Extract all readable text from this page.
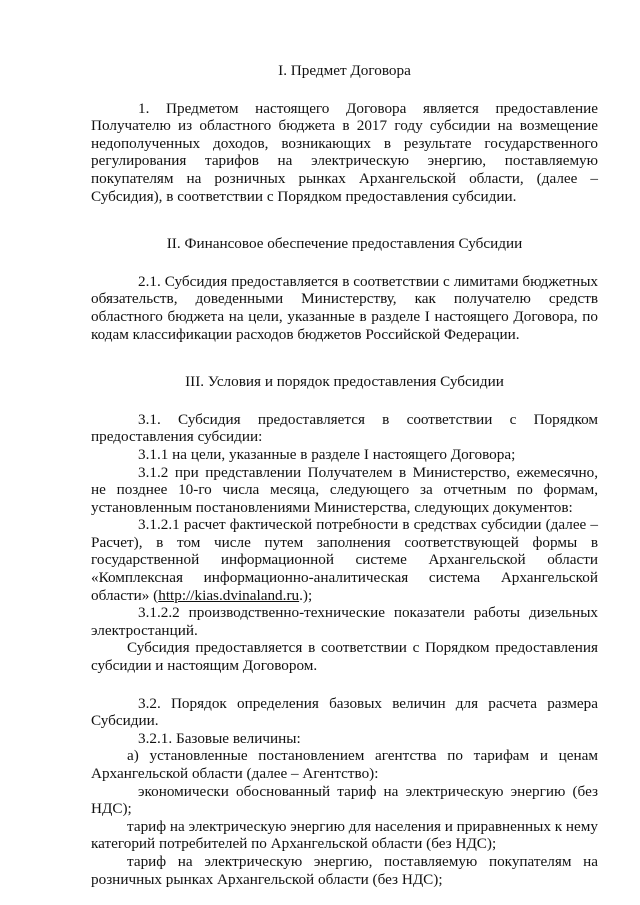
I. Предмет Договора

1. Предметом настоящего Договора является предоставление Получателю из областного бюджета в 2017 году субсидии на возмещение недополученных доходов, возникающих в результате государственного регулирования тарифов на электрическую энергию, поставляемую покупателям на розничных рынках Архангельской области, (далее – Субсидия), в соответствии с Порядком предоставления субсидии.

II. Финансовое обеспечение предоставления Субсидии

2.1. Субсидия предоставляется в соответствии с лимитами бюджетных обязательств, доведенными Министерству, как получателю средств областного бюджета на цели, указанные в разделе I настоящего Договора, по кодам классификации расходов бюджетов Российской Федерации.

III. Условия и порядок предоставления Субсидии

3.1. Субсидия предоставляется в соответствии с Порядком предоставления субсидии:

3.1.1 на цели, указанные в разделе I настоящего Договора;

3.1.2 при представлении Получателем в Министерство, ежемесячно, не позднее 10-го числа месяца, следующего за отчетным по формам, установленным постановлениями Министерства, следующих документов:

3.1.2.1 расчет фактической потребности в средствах субсидии (далее – Расчет), в том числе путем заполнения соответствующей формы в государственной информационной системе Архангельской области «Комплексная информационно-аналитическая система Архангельской области» (http://kias.dvinaland.ru.);

3.1.2.2 производственно-технические показатели работы дизельных электростанций.

Субсидия предоставляется в соответствии с Порядком предоставления субсидии и настоящим Договором.

3.2. Порядок определения базовых величин для расчета размера Субсидии.

3.2.1. Базовые величины:

а) установленные постановлением агентства по тарифам и ценам Архангельской области (далее – Агентство):

экономически обоснованный тариф на электрическую энергию (без НДС);

тариф на электрическую энергию для населения и приравненных к нему категорий потребителей по Архангельской области (без НДС);

тариф на электрическую энергию, поставляемую покупателям на розничных рынках Архангельской области (без НДС);
